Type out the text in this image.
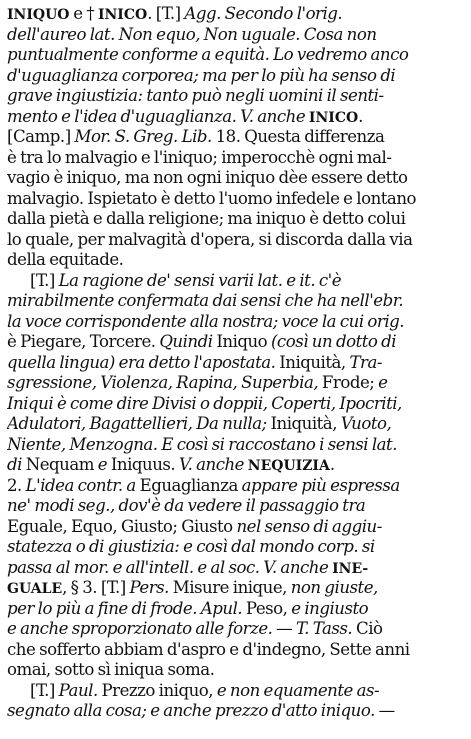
INIQUO e † INICO. [T.] Agg. Secondo l'orig.
dell'aureo lat. Non equo, Non uguale. Cosa non
puntualmente conforme a equità. Lo vedremo anco
d'uguaglianza corporea; ma per lo più ha senso di
grave ingiustizia: tanto può negli uomini il senti-
mento e l'idea d'uguaglianza. V. anche INICO.
[Camp.] Mor. S. Greg. Lib. 18. Questa differenza
è tra lo malvagio e l'iniquo; imperocchè ogni mal-
vagio è iniquo, ma non ogni iniquo dèe essere detto
malvagio. Ispietato è detto l'uomo infedele e lontano
dalla pietà e dalla religione; ma iniquo è detto colui
lo quale, per malvagità d'opera, si discorda dalla via
della equitade.
[T.] La ragione de' sensi varii lat. e it. c'è
mirabilmente confermata dai sensi che ha nell'ebr.
la voce corrispondente alla nostra; voce la cui orig.
è Piegare, Torcere. Quindi Iniquo (così un dotto di
quella lingua) era detto l'apostata. Iniquità, Tra-
sgressione, Violenza, Rapina, Superbia, Frode; e
Iniqui è come dire Divisi o doppii, Coperti, Ipocriti,
Adulatori, Bagattellieri, Da nulla; Iniquità, Vuoto,
Niente, Menzogna. E così si raccostano i sensi lat.
di Nequam e Iniquus. V. anche NEQUIZIA.
2. L'idea contr. a Eguaglianza appare più espressa
ne' modi seg., dov'è da vedere il passaggio tra
Eguale, Equo, Giusto; Giusto nel senso di aggiu-
statezza o di giustizia: e così dal mondo corp. si
passa al mor. e all'intell. e al soc. V. anche INE-
GUALE, § 3. [T.] Pers. Misure inique, non giuste,
per lo più a fine di frode. Apul. Peso, e ingiusto
e anche sproporzionato alle forze. — T. Tass. Ciò
che sofferto abbiam d'aspro e d'indegno, Sette anni
omai, sotto sì iniqua soma.
[T.] Paul. Prezzo iniquo, e non equamente as-
segnato alla cosa; e anche prezzo d'atto iniquo. —
